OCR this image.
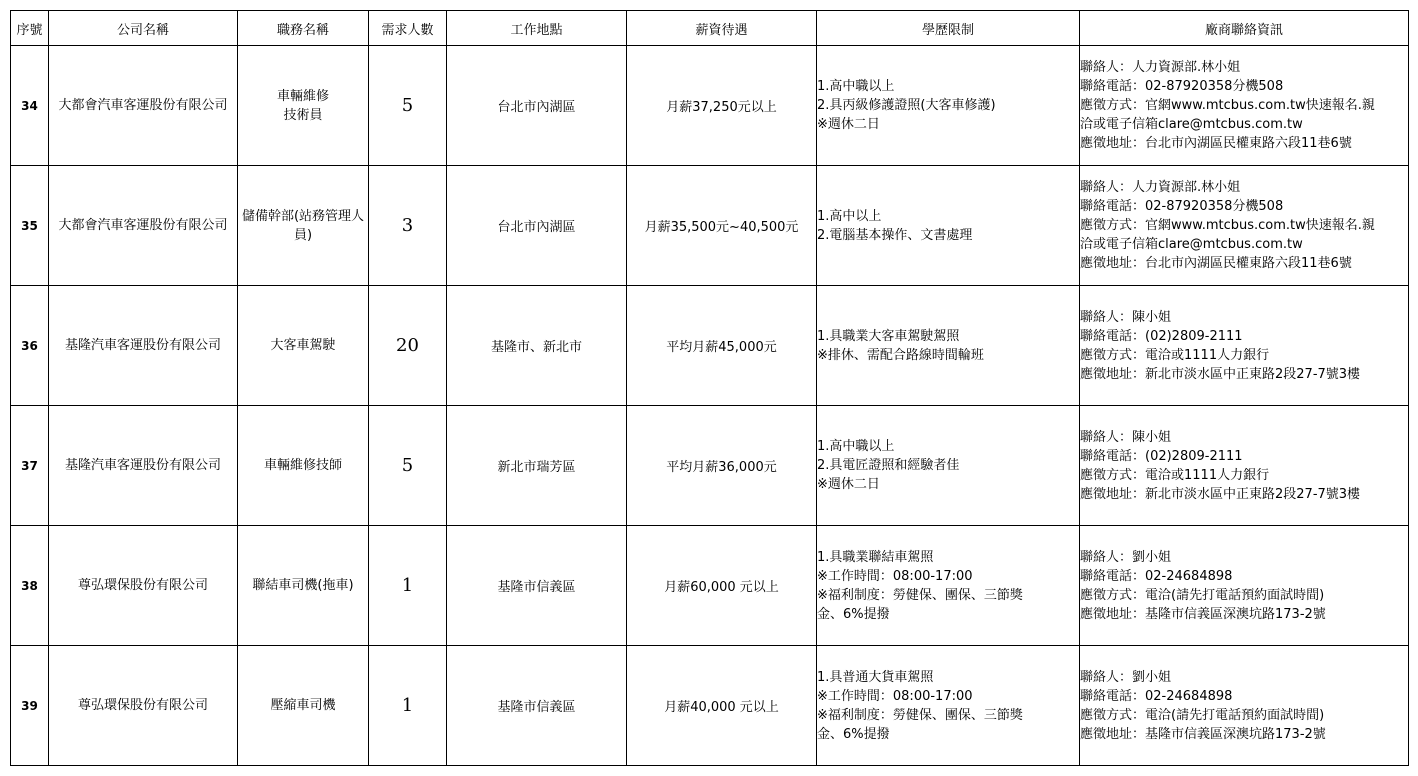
序號	公司名稱	職務名稱	需求人數	工作地點	薪資待遇	學歷限制	廠商聯絡資訊
34	大都會汽車客運股份有限公司	車輛維修
技術員	5	台北市內湖區	月薪37,250元以上	1.高中職以上
2.具丙級修護證照(大客車修護)
※週休二日	聯絡人：人力資源部.林小姐
聯絡電話：02-87920358分機508
應徵方式：官網www.mtcbus.com.tw快速報名.親
洽或電子信箱clare@mtcbus.com.tw
應徵地址：台北市內湖區民權東路六段11巷6號

35	大都會汽車客運股份有限公司	儲備幹部(站務管理人員)	3	台北市內湖區	月薪35,500元~40,500元	1.高中以上
2.電腦基本操作、文書處理	聯絡人：人力資源部.林小姐
聯絡電話：02-87920358分機508
應徵方式：官網www.mtcbus.com.tw快速報名.親
洽或電子信箱clare@mtcbus.com.tw
應徵地址：台北市內湖區民權東路六段11巷6號

36	基隆汽車客運股份有限公司	大客車駕駛	20	基隆市、新北市	平均月薪45,000元	1.具職業大客車駕駛駕照
※排休、需配合路線時間輪班	聯絡人：陳小姐
聯絡電話：(02)2809-2111
應徵方式：電洽或1111人力銀行
應徵地址：新北市淡水區中正東路2段27-7號3樓

37	基隆汽車客運股份有限公司	車輛維修技師	5	新北市瑞芳區	平均月薪36,000元	1.高中職以上
2.具電匠證照和經驗者佳
※週休二日	聯絡人：陳小姐
聯絡電話：(02)2809-2111
應徵方式：電洽或1111人力銀行
應徵地址：新北市淡水區中正東路2段27-7號3樓

38	尊弘環保股份有限公司	聯結車司機(拖車)	1	基隆市信義區	月薪60,000 元以上	1.具職業聯結車駕照
※工作時間：08:00-17:00
※福利制度：勞健保、團保、三節獎
金、6%提撥	聯絡人：劉小姐
聯絡電話：02-24684898
應徵方式：電洽(請先打電話預約面試時間)
應徵地址：基隆市信義區深澳坑路173-2號

39	尊弘環保股份有限公司	壓縮車司機	1	基隆市信義區	月薪40,000 元以上	1.具普通大貨車駕照
※工作時間：08:00-17:00
※福利制度：勞健保、團保、三節獎
金、6%提撥	聯絡人：劉小姐
聯絡電話：02-24684898
應徵方式：電洽(請先打電話預約面試時間)
應徵地址：基隆市信義區深澳坑路173-2號
